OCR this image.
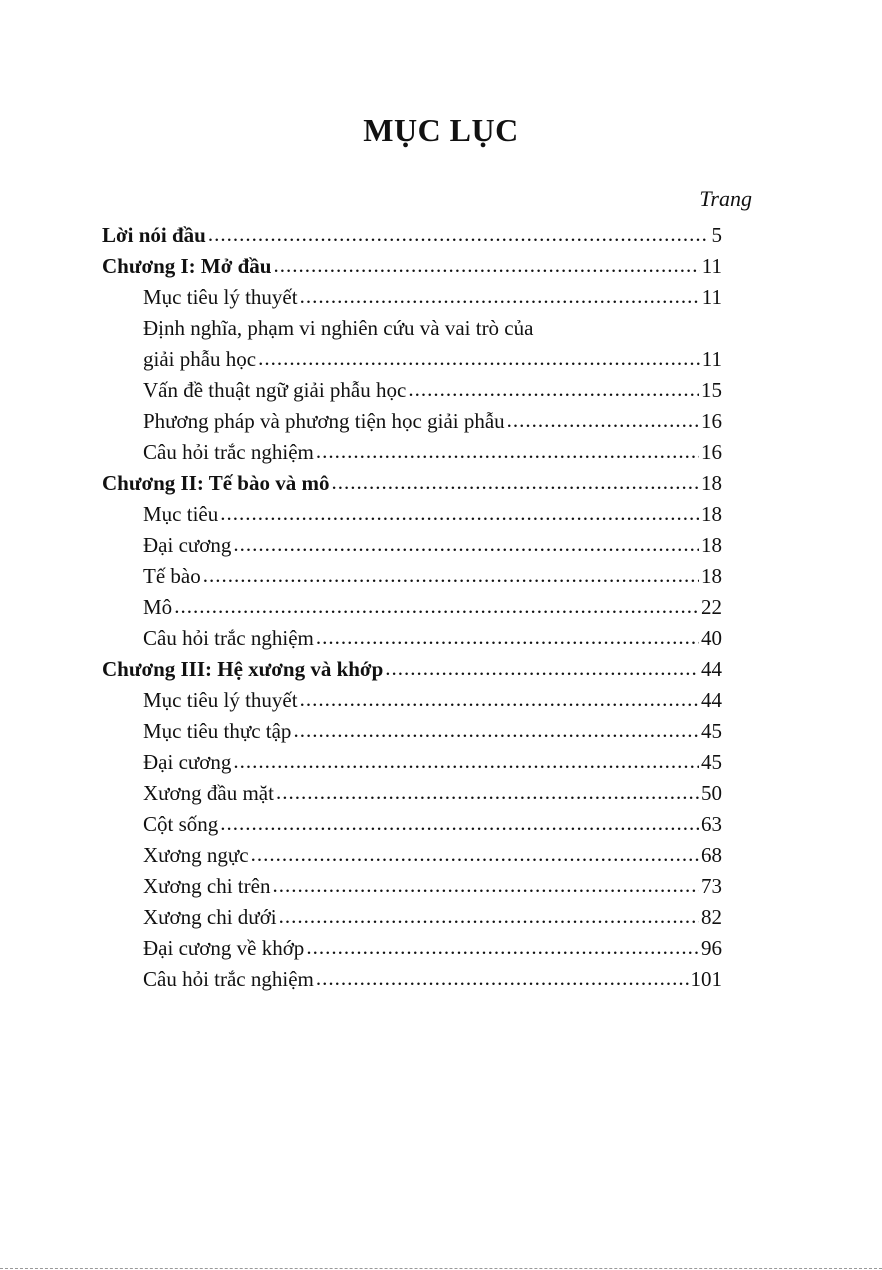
MỤC LỤC
Trang
Lời nói đầu .....	5
Chương I: Mở đầu .....	11
Mục tiêu lý thuyết .....	11
Định nghĩa, phạm vi nghiên cứu và vai trò của
giải phẫu học .....	11
Vấn đề thuật ngữ giải phẫu học .....	15
Phương pháp và phương tiện học giải phẫu .....	16
Câu hỏi trắc nghiệm .....	16
Chương II: Tế bào và mô .....	18
Mục tiêu .....	18
Đại cương .....	18
Tế bào .....	18
Mô .....	22
Câu hỏi trắc nghiệm .....	40
Chương III: Hệ xương và khớp .....	44
Mục tiêu lý thuyết .....	44
Mục tiêu thực tập .....	45
Đại cương .....	45
Xương đầu mặt .....	50
Cột sống .....	63
Xương ngực .....	68
Xương chi trên .....	73
Xương chi dưới .....	82
Đại cương về khớp .....	96
Câu hỏi trắc nghiệm .....	101
